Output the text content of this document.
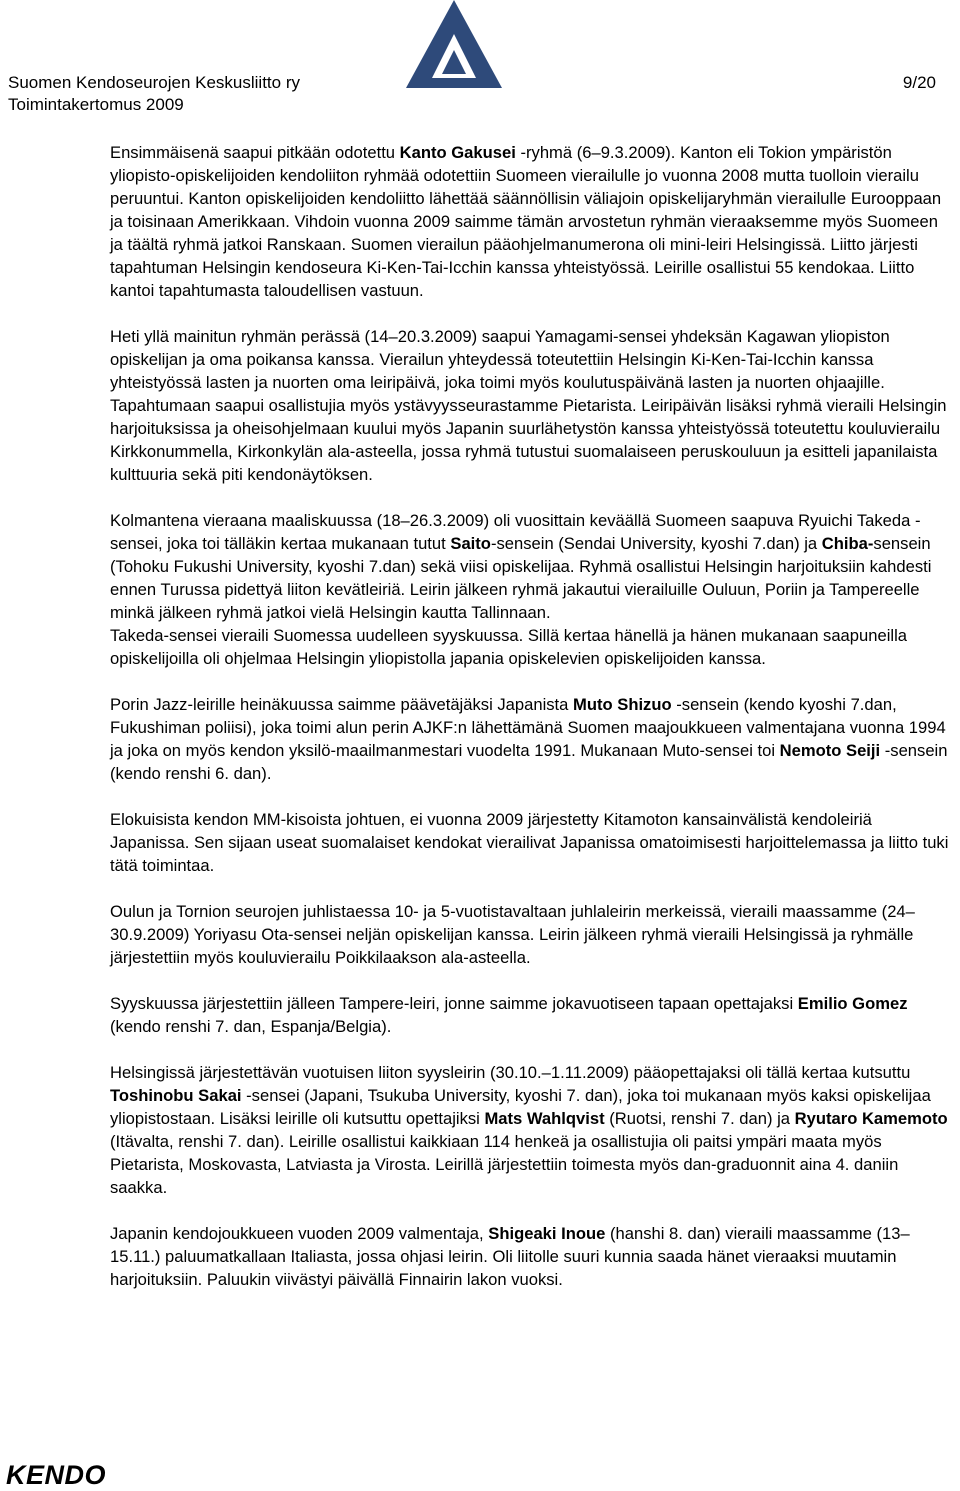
Suomen Kendoseurojen Keskusliitto ry
Toimintakertomus 2009
9/20

Ensimmäisenä saapui pitkään odotettu Kanto Gakusei -ryhmä (6–9.3.2009). Kanton eli Tokion ympäristön yliopisto-opiskelijoiden kendoliiton ryhmää odotettiin Suomeen vierailulle jo vuonna 2008 mutta tuolloin vierailu peruuntui. Kanton opiskelijoiden kendoliitto lähettää säännöllisin väliajoin opiskelijaryhmän vierailulle Eurooppaan ja toisinaan Amerikkaan. Vihdoin vuonna 2009 saimme tämän arvostetun ryhmän vieraaksemme myös Suomeen ja täältä ryhmä jatkoi Ranskaan. Suomen vierailun pääohjelmanumerona oli mini-leiri Helsingissä. Liitto järjesti tapahtuman Helsingin kendoseura Ki-Ken-Tai-Icchin kanssa yhteistyössä. Leirille osallistui 55 kendokaa. Liitto kantoi tapahtumasta taloudellisen vastuun.

Heti yllä mainitun ryhmän perässä (14–20.3.2009) saapui Yamagami-sensei yhdeksän Kagawan yliopiston opiskelijan ja oma poikansa kanssa. Vierailun yhteydessä toteutettiin Helsingin Ki-Ken-Tai-Icchin kanssa yhteistyössä lasten ja nuorten oma leiripäivä, joka toimi myös koulutuspäivänä lasten ja nuorten ohjaajille. Tapahtumaan saapui osallistujia myös ystävyysseurastamme Pietarista. Leiripäivän lisäksi ryhmä vieraili Helsingin harjoituksissa ja oheisohjelmaan kuului myös Japanin suurlähetystön kanssa yhteistyössä toteutettu kouluvierailu Kirkkonummella, Kirkonkylän ala-asteella, jossa ryhmä tutustui suomalaiseen peruskouluun ja esitteli japanilaista kulttuuria sekä piti kendonäytöksen.

Kolmantena vieraana maaliskuussa (18–26.3.2009) oli vuosittain keväällä Suomeen saapuva Ryuichi Takeda -sensei, joka toi tälläkin kertaa mukanaan tutut Saito-sensein (Sendai University, kyoshi 7.dan) ja Chiba-sensein (Tohoku Fukushi University, kyoshi 7.dan) sekä viisi opiskelijaa. Ryhmä osallistui Helsingin harjoituksiin kahdesti ennen Turussa pidettyä liiton kevätleiriä. Leirin jälkeen ryhmä jakautui vierailuille Ouluun, Poriin ja Tampereelle minkä jälkeen ryhmä jatkoi vielä Helsingin kautta Tallinnaan.

Takeda-sensei vieraili Suomessa uudelleen syyskuussa. Sillä kertaa hänellä ja hänen mukanaan saapuneilla opiskelijoilla oli ohjelmaa Helsingin yliopistolla japania opiskelevien opiskelijoiden kanssa.

Porin Jazz-leirille heinäkuussa saimme päävetäjäksi Japanista Muto Shizuo -sensein (kendo kyoshi 7.dan, Fukushiman poliisi), joka toimi alun perin AJKF:n lähettämänä Suomen maajoukkueen valmentajana vuonna 1994 ja joka on myös kendon yksilö-maailmanmestari vuodelta 1991. Mukanaan Muto-sensei toi Nemoto Seiji -sensein (kendo renshi 6. dan).

Elokuisista kendon MM-kisoista johtuen, ei vuonna 2009 järjestetty Kitamoton kansainvälistä kendoleiriä Japanissa. Sen sijaan useat suomalaiset kendokat vierailivat Japanissa omatoimisesti harjoittelemassa ja liitto tuki tätä toimintaa.

Oulun ja Tornion seurojen juhlistaessa 10- ja 5-vuotistavaltaan juhlaleirin merkeissä, vieraili maassamme (24–30.9.2009) Yoriyasu Ota-sensei neljän opiskelijan kanssa. Leirin jälkeen ryhmä vieraili Helsingissä ja ryhmälle järjestettiin myös kouluvierailu Poikkilaakson ala-asteella.

Syyskuussa järjestettiin jälleen Tampere-leiri, jonne saimme jokavuotiseen tapaan opettajaksi Emilio Gomez (kendo renshi 7. dan, Espanja/Belgia).

Helsingissä järjestettävän vuotuisen liiton syysleirin (30.10.–1.11.2009) pääopettajaksi oli tällä kertaa kutsuttu Toshinobu Sakai -sensei (Japani, Tsukuba University, kyoshi 7. dan), joka toi mukanaan myös kaksi opiskelijaa yliopistostaan. Lisäksi leirille oli kutsuttu opettajiksi Mats Wahlqvist (Ruotsi, renshi 7. dan) ja Ryutaro Kamemoto (Itävalta, renshi 7. dan). Leirille osallistui kaikkiaan 114 henkeä ja osallistujia oli paitsi ympäri maata myös Pietarista, Moskovasta, Latviasta ja Virosta. Leirillä järjestettiin toimesta myös dan-graduonnit aina 4. daniin saakka.

Japanin kendojoukkueen vuoden 2009 valmentaja, Shigeaki Inoue (hanshi 8. dan) vieraili maassamme (13–15.11.) paluumatkallaan Italiasta, jossa ohjasi leirin. Oli liitolle suuri kunnia saada hänet vieraaksi muutamin harjoituksiin. Paluukin viivästyi päivällä Finnairin lakon vuoksi.

KENDO
